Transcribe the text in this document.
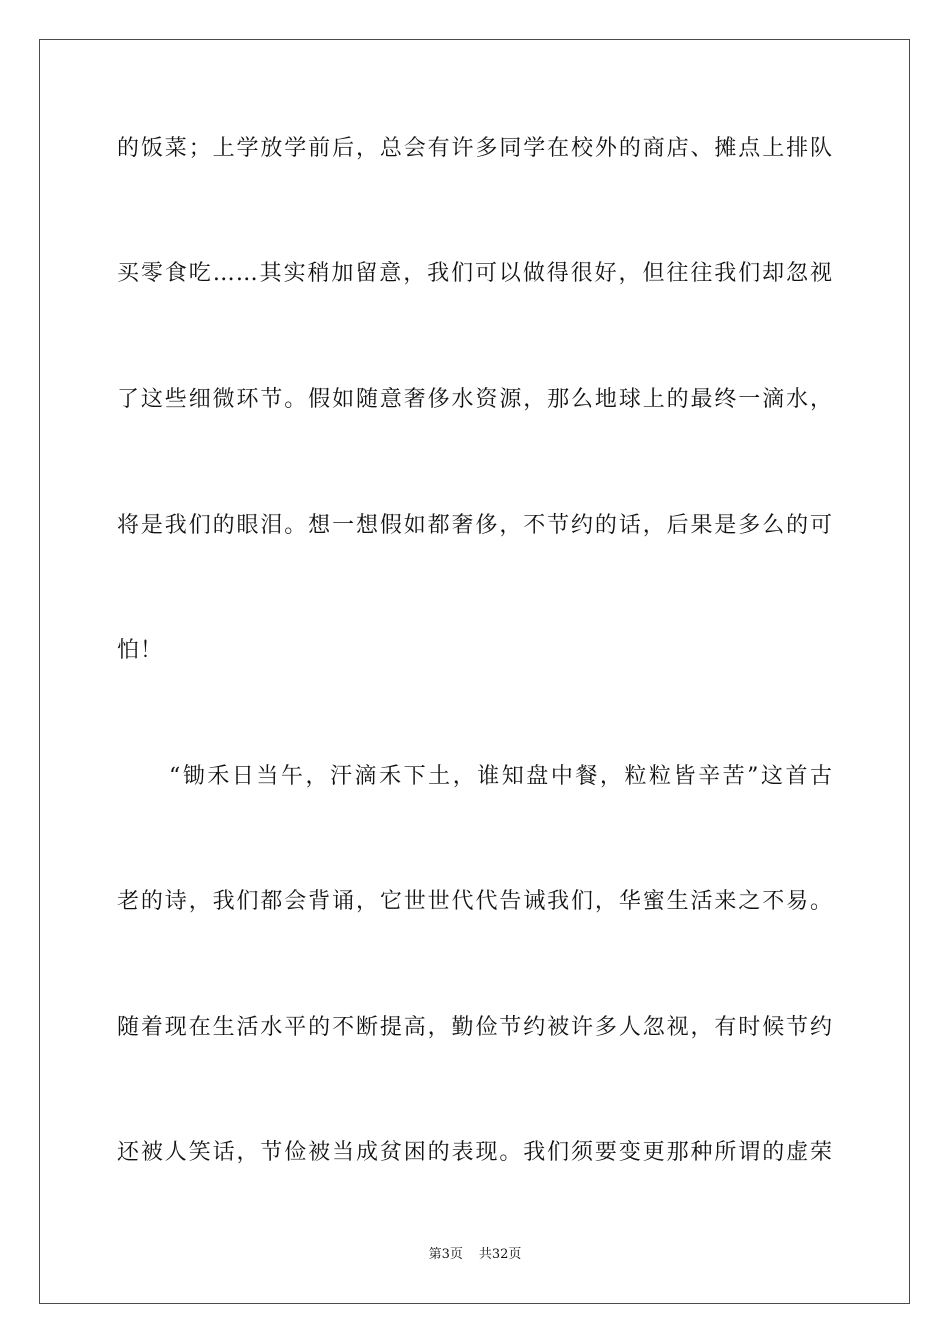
的饭菜；上学放学前后，总会有许多同学在校外的商店、摊点上排队
买零食吃……其实稍加留意，我们可以做得很好，但往往我们却忽视
了这些细微环节。假如随意奢侈水资源，那么地球上的最终一滴水，
将是我们的眼泪。想一想假如都奢侈，不节约的话，后果是多么的可
怕！
“锄禾日当午，汗滴禾下土，谁知盘中餐，粒粒皆辛苦”这首古
老的诗，我们都会背诵，它世世代代告诫我们，华蜜生活来之不易。
随着现在生活水平的不断提高，勤俭节约被许多人忽视，有时候节约
还被人笑话，节俭被当成贫困的表现。我们须要变更那种所谓的虚荣
第3页 共32页
